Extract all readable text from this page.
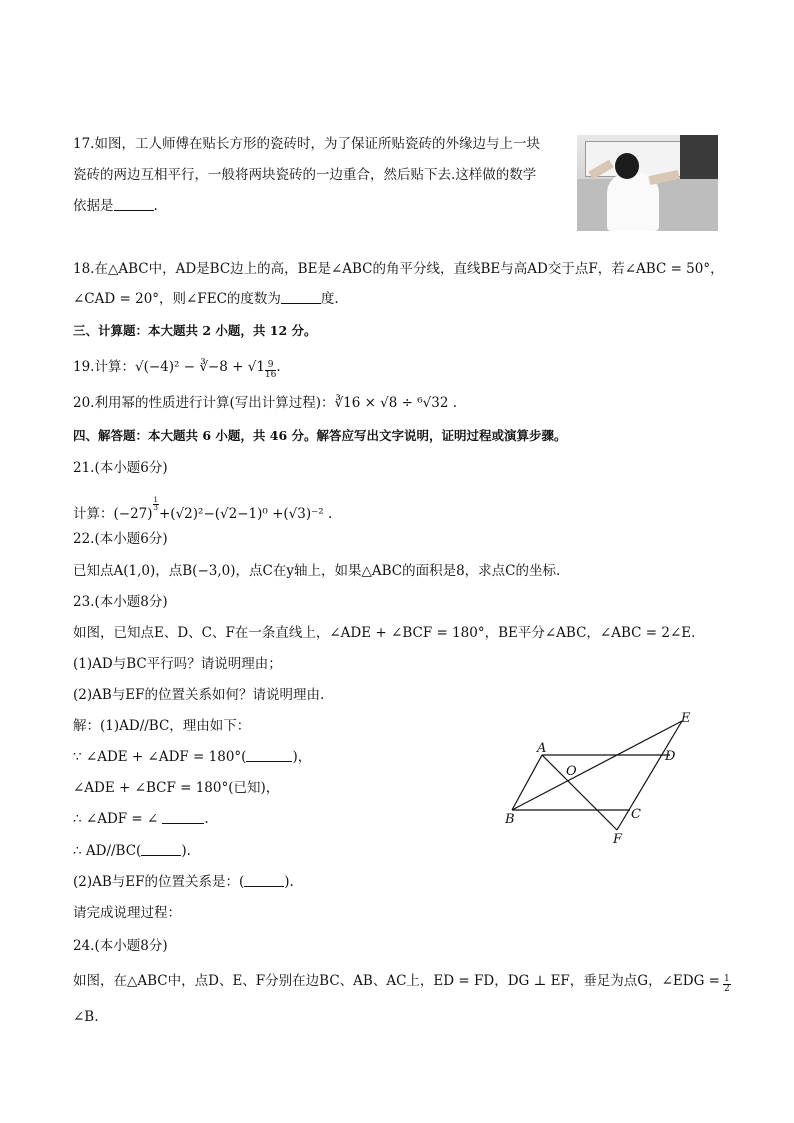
17.如图，工人师傅在贴长方形的瓷砖时，为了保证所贴瓷砖的外缘边与上一块
瓷砖的两边互相平行，一般将两块瓷砖的一边重合，然后贴下去.这样做的数学
依据是	.
18.在△ABC中，AD是BC边上的高，BE是∠ABC的角平分线，直线BE与高AD交于点F，若∠ABC = 50°，
∠CAD = 20°，则∠FEC的度数为	度.
三、计算题：本大题共 2 小题，共 12 分。
19.计算：√(−4)² − ∛−8 + $√1 \frac{9}{16}$ .
20.利用幂的性质进行计算(写出计算过程)：∛16 × √8 ÷ ⁶√32 .
四、解答题：本大题共 6 小题，共 46 分。解答应写出文字说明，证明过程或演算步骤。
21.(本小题6分)
计算：(−27)
$\frac{1}{3}$
+(√2)²−(√2−1)⁰ +(√3)⁻² .
22.(本小题6分)
已知点A(1,0)，点B(−3,0)，点C在y轴上，如果△ABC的面积是8，求点C的坐标.
23.(本小题8分)
如图，已知点E、D、C、F在一条直线上，∠ADE + ∠BCF = 180°，BE平分∠ABC，∠ABC = 2∠E.
(1)AD与BC平行吗？请说明理由；
(2)AB与EF的位置关系如何？请说明理由.
解：(1)AD//BC，理由如下：
∵ ∠ADE + ∠ADF = 180°(	)，
∠ADE + ∠BCF = 180°(已知)，
∴ ∠ADF = ∠	.
∴ AD//BC(	).
(2)AB与EF的位置关系是：(	).
请完成说理过程：
A
D
E
O
B	C
F
24.(本小题8分)
如图，在△ABC中，点D、E、F分别在边BC、AB、AC上，ED = FD，DG ⊥ EF，垂足为点G，∠EDG = $\frac{1}{2}$
∠B.
